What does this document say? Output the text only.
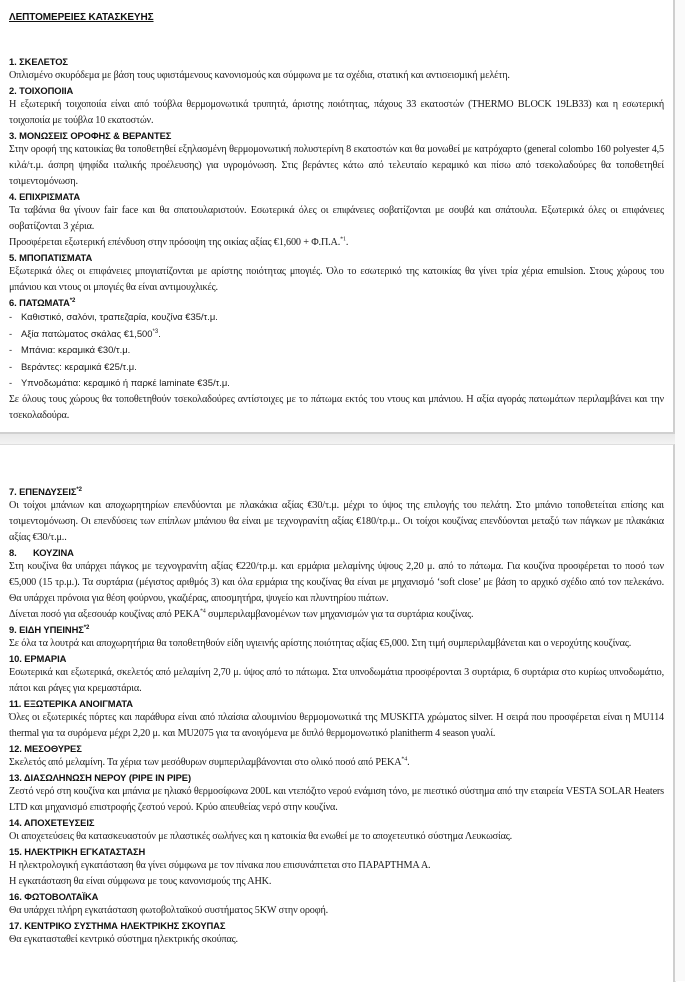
ΛΕΠΤΟΜΕΡΕΙΕΣ ΚΑΤΑΣΚΕΥΗΣ

1. ΣΚΕΛΕΤΟΣ

Οπλισμένο σκυρόδεμα με βάση τους υφιστάμενους κανονισμούς και σύμφωνα με τα σχέδια, στατική και αντισεισμική μελέτη.

2. ΤΟΙΧΟΠΟΙΙΑ

Η εξωτερική τοιχοποιία είναι από τούβλα θερμομονωτικά τρυπητά, άριστης ποιότητας, πάχους 33 εκατοστών (THERMO BLOCK 19LB33) και η εσωτερική τοιχοποιία με τούβλα 10 εκατοστών.

3. ΜΟΝΩΣΕΙΣ ΟΡΟΦΗΣ & ΒΕΡΑΝΤΕΣ

Στην οροφή της κατοικίας θα τοποθετηθεί εξηλασμένη θερμομονωτική πολυστερίνη 8 εκατοστών και θα μονωθεί με κατρόχαρτο (general colombo 160 polyester 4,5 κιλά/τ.μ. άσπρη ψηφίδα ιταλικής προέλευσης) για υγρομόνωση. Στις βεράντες κάτω από τελευταίο κεραμικό και πίσω από τσεκολαδούρες θα τοποθετηθεί τσιμεντομόνωση.

4. ΕΠΙΧΡΙΣΜΑΤΑ

Τα ταβάνια θα γίνουν fair face και θα σπατουλαριστούν. Εσωτερικά όλες οι επιφάνειες σοβατίζονται με σουβά και σπάτουλα. Εξωτερικά όλες οι επιφάνειες σοβατίζονται 3 χέρια.

Προσφέρεται εξωτερική επένδυση στην πρόσοψη της οικίας αξίας €1,600 + Φ.Π.Α.$^{*1}$.

5. ΜΠΟΠΑΤΙΣΜΑΤΑ

Εξωτερικά όλες οι επιφάνειες μπογιατίζονται με αρίστης ποιότητας μπογιές. Όλο το εσωτερικό της κατοικίας θα γίνει τρία χέρια emulsion. Στους χώρους του μπάνιου και ντους οι μπογιές θα είναι αντιμουχλικές.

6. ΠΑΤΩΜΑΤΑ$^{*2}$

- Καθιστικό, σαλόνι, τραπεζαρία, κουζίνα €35/τ.μ.

- Αξία πατώματος σκάλας €1,500$^{*3}$.

- Μπάνια: κεραμικά €30/τ.μ.

- Βεράντες: κεραμικά €25/τ.μ.

- Υπνοδωμάτια: κεραμικό ή παρκέ laminate €35/τ.μ.

Σε όλους τους χώρους θα τοποθετηθούν τσεκολαδούρες αντίστοιχες με το πάτωμα εκτός του ντους και μπάνιου. Η αξία αγοράς πατωμάτων περιλαμβάνει και την τσεκολαδούρα.

7. ΕΠΕΝΔΥΣΕΙΣ$^{*2}$

Οι τοίχοι μπάνιων και αποχωρητηρίων επενδύονται με πλακάκια αξίας €30/τ.μ. μέχρι το ύψος της επιλογής του πελάτη. Στο μπάνιο τοποθετείται επίσης και τσιμεντομόνωση. Οι επενδύσεις των επίπλων μπάνιου θα είναι με τεχνογρανίτη αξίας €180/τρ.μ.. Οι τοίχοι κουζίνας επενδύονται μεταξύ των πάγκων με πλακάκια αξίας €30/τ.μ..

8. ΚΟΥΖΙΝΑ

Στη κουζίνα θα υπάρχει πάγκος με τεχνογρανίτη αξίας €220/τρ.μ. και ερμάρια μελαμίνης ύψους 2,20 μ. από το πάτωμα. Για κουζίνα προσφέρεται το ποσό των €5,000 (15 τρ.μ.). Τα συρτάρια (μέγιστος αριθμός 3) και όλα ερμάρια της κουζίνας θα είναι με μηχανισμό ‘soft close’ με βάση το αρχικό σχέδιο από τον πελεκάνο. Θα υπάρχει πρόνοια για θέση φούρνου, γκαζιέρας, αποσμητήρα, ψυγείο και πλυντηρίου πιάτων.

Δίνεται ποσό για αξεσουάρ κουζίνας από ΡΕΚΑ$^{*4}$ συμπεριλαμβανομένων των μηχανισμών για τα συρτάρια κουζίνας.

9. ΕΙΔΗ ΥΠΕΙΝΗΣ$^{*2}$

Σε όλα τα λουτρά και αποχωρητήρια θα τοποθετηθούν είδη υγιεινής αρίστης ποιότητας αξίας €5,000. Στη τιμή συμπεριλαμβάνεται και ο νεροχύτης κουζίνας.

10. ΕΡΜΑΡΙΑ

Εσωτερικά και εξωτερικά, σκελετός από μελαμίνη 2,70 μ. ύψος από το πάτωμα. Στα υπνοδωμάτια προσφέρονται 3 συρτάρια, 6 συρτάρια στο κυρίως υπνοδωμάτιο, πάτοι και ράγες για κρεμαστάρια.

11. ΕΞΩΤΕΡΙΚΑ ΑΝΟΙΓΜΑΤΑ

Όλες οι εξωτερικές πόρτες και παράθυρα είναι από πλαίσια αλουμινίου θερμομονωτικά της MUSKITA χρώματος silver. Η σειρά που προσφέρεται είναι η MU114 thermal για τα συρόμενα μέχρι 2,20 μ. και MU2075 για τα ανοιγόμενα με διπλό θερμομονωτικό planitherm 4 season γυαλί.

12. ΜΕΣΟΘΥΡΕΣ

Σκελετός από μελαμίνη. Τα χέρια των μεσόθυρων συμπεριλαμβάνονται στο ολικό ποσό από ΡΕΚΑ$^{*4}$.

13. ΔΙΑΣΩΛΗΝΩΣΗ ΝΕΡΟΥ (PIPE IN PIPE)

Ζεστό νερό στη κουζίνα και μπάνια με ηλιακό θερμοσίφωνα 200L και ντεπόζιτο νερού ενάμιση τόνο, με πιεστικό σύστημα από την εταιρεία VESTA SOLAR Heaters LTD και μηχανισμό επιστροφής ζεστού νερού. Κρύο απευθείας νερό στην κουζίνα.

14. ΑΠΟΧΕΤΕΥΣΕΙΣ

Οι αποχετεύσεις θα κατασκευαστούν με πλαστικές σωλήνες και η κατοικία θα ενωθεί με το αποχετευτικό σύστημα Λευκωσίας.

15. ΗΛΕΚΤΡΙΚΗ ΕΓΚΑΤΑΣΤΑΣΗ

Η ηλεκτρολογική εγκατάσταση θα γίνει σύμφωνα με τον πίνακα που επισυνάπτεται στο ΠΑΡΑΡΤΗΜΑ Α.

Η εγκατάσταση θα είναι σύμφωνα με τους κανονισμούς της ΑΗΚ.

16. ΦΩΤΟΒΟΛΤΑΪΚΑ

Θα υπάρχει πλήρη εγκατάσταση φωτοβολταϊκού συστήματος 5KW στην οροφή.

17. ΚΕΝΤΡΙΚΟ ΣΥΣΤΗΜΑ ΗΛΕΚΤΡΙΚΗΣ ΣΚΟΥΠΑΣ

Θα εγκατασταθεί κεντρικό σύστημα ηλεκτρικής σκούπας.
